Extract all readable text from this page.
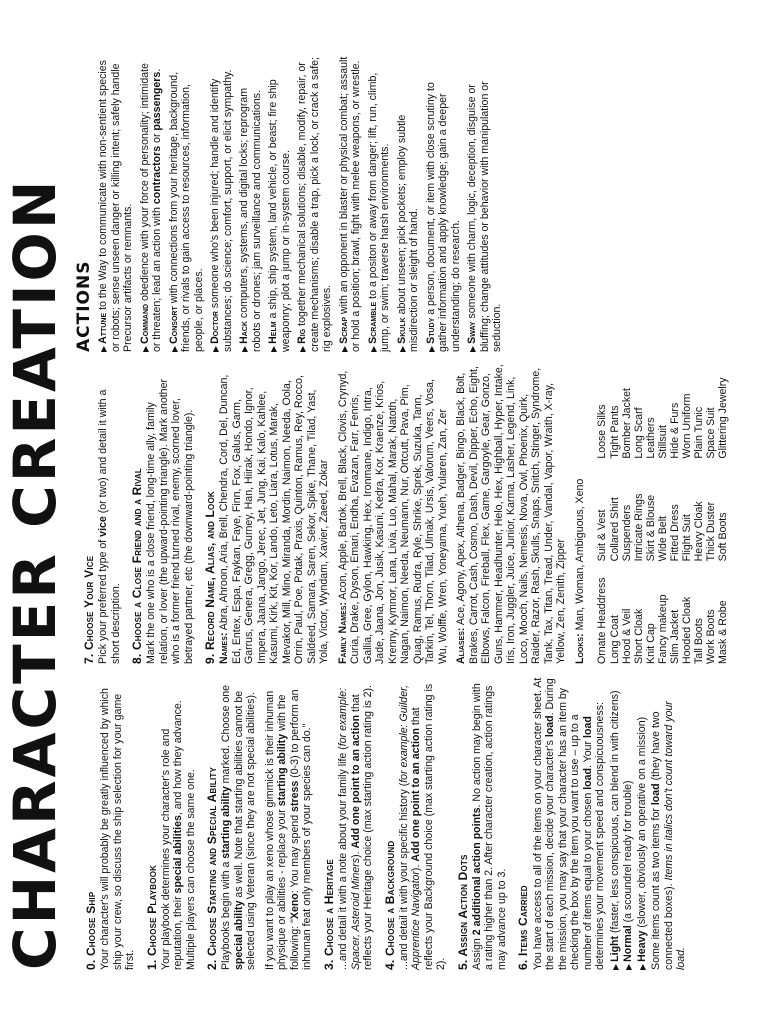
CHARACTER CREATION 0. Choose Ship Your character's will probably be greatly influenced by which ship your crew, so discuss the ship selection for your game first. 1. Choose Playbook Your playbook determines your character's role and reputation, their special abilities, and how they advance. Multiple players can choose the same one. 2. Choose Starting and Special Ability Playbooks begin with a starting ability marked. Choose one special ability as well. Note that starting abilities cannot be selected using Veteran (since they are not special abilities). If you want to play an xeno whose gimmick is their inhuman physique or abilities - replace your starting ability with the following: "Xeno: You may spend stress (0-3) to perform an inhuman feat only members of your species can do." 3. Choose a Heritage ...and detail it with a note about your family life (for example: Spacer, Asteroid Miners). Add one point to an action that reflects your Heritage choice (max starting action rating is 2). 4. Choose a Background ...and detail it with your specific history (for example: Guilder, Apprentice Navigator). Add one point to an action that reflects your Background choice (max starting action rating is 2). 5. Assign Action Dots Assign 2 additional action points. No action may begin with a rating higher than 2. After character creation, action ratings may advance up to 3. 6. Items Carried You have access to all of the items on your character sheet. At the start of each mission, decide your character's load. During the mission, you may say that your character has an item by checking the box by the item you want to use – up to a number of items equal to your chosen load. Your load determines your movement speed and conspicuousness: ▶Light (faster, less conspicuous, can blend in with citizens)
▶Normal (a scoundrel ready for trouble)
▶Heavy (slower, obviously an operative on a mission) Some items count as two items for load (they have two connected boxes). Items in italics don't count toward your load.

7. Choose Your Vice Pick your preferred type of vice (or two) and detail it with a short description. 8. Choose a Close Friend and a Rival Mark the one who is a close friend, long-time ally, family relation, or lover (the upward-pointing triangle). Mark another who is a former friend turned rival, enemy, scorned lover, betrayed partner, etc (the downward-pointing triangle). 9. Record Name, Alias, and Look Names: Abra, Ahroon, Aria, Brell, Chendra, Cord, Del, Duncan, Ed, Entex, Espa, Faykan, Faye, Finn, Fox, Galus, Garm, Garrus, Genera, Gregg, Gurney, Han, Hiirak, Hondo, Ignor, Impera, Jaana, Jango, Jerec, Jet, Jung, Kai, Kalo, Kahlee, Kasumi, Kirk, Kit, Kor, Lando, Leto, Liara, Lotus, Marak, Mevakor, Mill, Mino, Miranda, Mordin, Naimon, Needa, Oola, Orrin, Paul, Poe, Potak, Praxis, Quinton, Ramus, Rey, Rocco, Saldeed, Samara, Saren, Sekor, Spike, Thane, Tilad, Yast, Yola, Victor, Wyndam, Xavier, Zaeed, Zokar Family Names: Acon, Apple, Bartok, Brell, Black, Clovis, Crynyd, Curia, Drake, Dyson, Emari, Endha, Evazan, Farr, Fenris, Gallia, Gree, Gylon, Hawking, Hex, Ironmane, Indigo, Intra, Jade, Jaana, Jon, Jusik, Kasuni, Kedra, Kor, Kraenze, Krios, Krenny, Kymnor, Lana, Livia, Luo, Mahal, Marak, Natoth, Nagan, Naimon, Needa, Neumann, Nur, Ortcutt, Pava, Pim, Quag, Ramus, Rudra, Ryle, Shrike, Sprek, Suzuka, Tann, Tarkin, Tel, Thorn, Tilad, Ulmak, Ursis, Valorum, Veers, Vosa, Wu, Wolffe, Wren, Yoneyama, Yueh, Yularen, Zan, Zer Aliases: Ace, Agony, Apex, Athena, Badger, Bingo, Black, Bolt, Brakes, Carrot, Cash, Cosmo, Dash, Devil, Dipper, Echo, Eight, Elbows, Falcon, Fireball, Flex, Game, Gargoyle, Gear, Gonzo, Guns, Hammer, Headhunter, Helo, Hex, Highball, Hyper, Intake, Iris, Iron, Juggler, Juice, Junior, Karma, Lasher, Legend, Link, Loco, Mooch, Nails, Nemesis, Nova, Owl, Phoenix, Quirk, Raider, Razor, Rash, Skulls, Snaps, Snitch, Stinger, Syndrome, Tank, Tax, Titan, Tread, Under, Vandal, Vapor, Wraith, X-ray, Yellow, Zen, Zenith, Zipper Looks: Man, Woman, Ambiguous, Xeno Ornate Headdress Long Coat Hood & Veil Short Cloak Knit Cap Fancy makeup Slim Jacket Hooded Cloak Tall Boots Work Boots Mask & Robe
Suit & Vest Collared Shirt Suspenders Intricate Rings Skirt & Blouse Wide Belt Fitted Dress Flight Suit Heavy Cloak Thick Duster Soft Boots
Loose Silks Tight Pants Bomber Jacket Long Scarf Leathers Stillsuit Hide & Furs Worn Uniform Plain Tunic Space Suit Glittering Jewelry
ACTIONS ▶Attune to the Way to communicate with non-sentient species or robots; sense unseen danger or killing intent; safely handle Precursor artifacts or remnants. ▶Command obedience with your force of personality; intimidate or threaten; lead an action with contractors or passengers.

▶Consort with connections from your heritage, background, friends, or rivals to gain access to resources, information, people, or places. ▶Doctor someone who's been injured; handle and identify substances; do science; comfort, support, or elicit sympathy. ▶Hack computers, systems, and digital locks; reprogram robots or drones; jam surveillance and communications. ▶Helm a ship, ship system, land vehicle, or beast; fire ship weaponry; plot a jump or in-system course. ▶Rig together mechanical solutions; disable, modify, repair, or create mechanisms; disable a trap, pick a lock, or crack a safe; rig explosives. ▶Scrap with an opponent in blaster or physical combat; assault or hold a position; brawl, fight with melee weapons, or wrestle. ▶Scramble to a positon or away from danger; lift, run, climb, jump, or swim; traverse harsh environments. ▶Skulk about unseen; pick pockets; employ subtle misdirection or sleight of hand. ▶Study a person, document, or item with close scrutiny to gather information and apply knowledge; gain a deeper understanding; do research. ▶Sway someone with charm, logic, deception, disguise or bluffing; change attitudes or behavior with manipulation or seduction.
